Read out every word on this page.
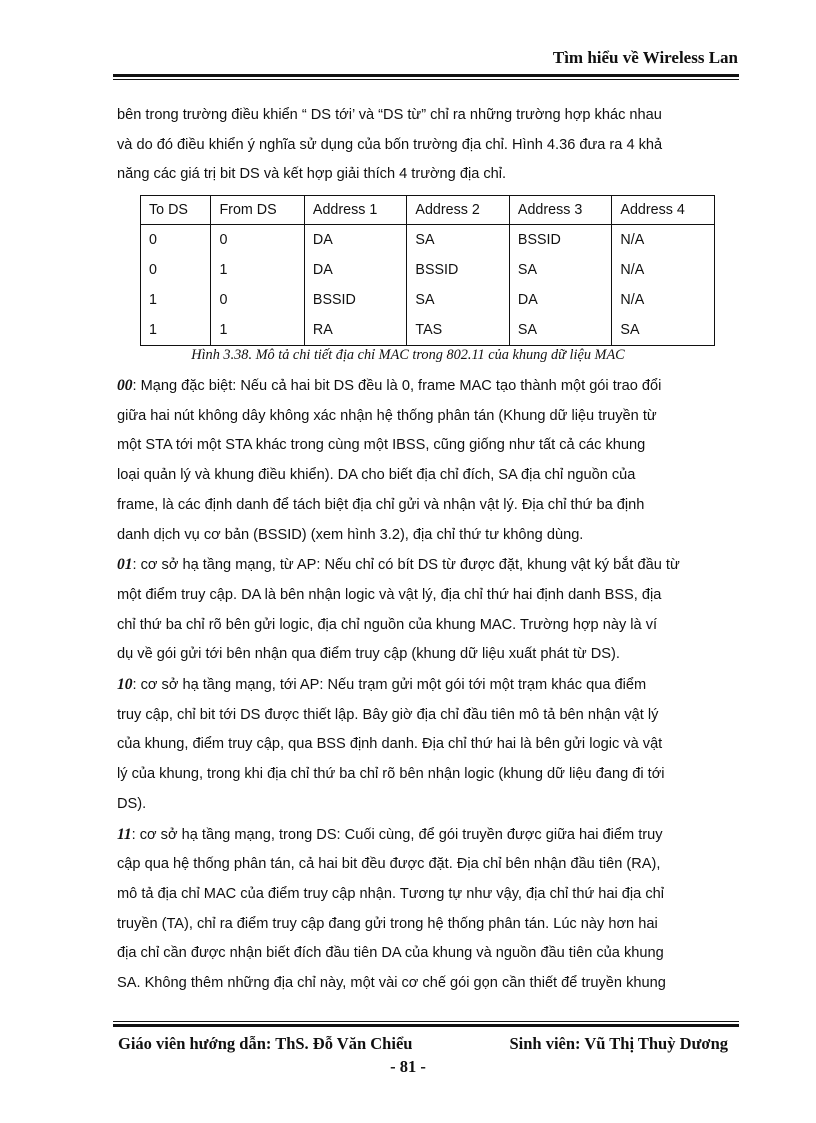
Tìm hiểu về Wireless Lan

bên trong trường điều khiển “ DS tới’ và “DS từ” chỉ ra những trường hợp khác nhau

và do đó điều khiển ý nghĩa sử dụng của bốn trường địa chỉ. Hình 4.36 đưa ra 4 khả

năng các giá trị bit DS và kết hợp giải thích 4 trường địa chỉ.

To DS	From DS	Address 1	Address 2	Address 3	Address 4
0	0	DA	SA	BSSID	N/A
0	1	DA	BSSID	SA	N/A
1	0	BSSID	SA	DA	N/A
1	1	RA	TAS	SA	SA
Hình 3.38. Mô tả chi tiết địa chỉ MAC trong 802.11 của khung dữ liệu MAC

00: Mạng đặc biệt: Nếu cả hai bit DS đều là 0, frame MAC tạo thành một gói trao đổi

giữa hai nút không dây không xác nhận hệ thống phân tán (Khung dữ liệu truyền từ

một STA tới một STA khác trong cùng một IBSS, cũng giống như tất cả các khung

loại quản lý và khung điều khiển). DA cho biết địa chỉ đích, SA địa chỉ nguồn của

frame, là các định danh để tách biệt địa chỉ gửi và nhận vật lý. Địa chỉ thứ ba định

danh dịch vụ cơ bản (BSSID) (xem hình 3.2), địa chỉ thứ tư không dùng.

01: cơ sở hạ tầng mạng, từ AP: Nếu chỉ có bít DS từ được đặt, khung vật ký bắt đầu từ

một điểm truy cập. DA là bên nhận logic và vật lý, địa chỉ thứ hai định danh BSS, địa

chỉ thứ ba chỉ rõ bên gửi logic, địa chỉ nguồn của khung MAC. Trường hợp này là ví

dụ về gói gửi tới bên nhận qua điểm truy cập (khung dữ liệu xuất phát từ DS).

10: cơ sở hạ tầng mạng, tới AP: Nếu trạm gửi một gói tới một trạm khác qua điểm

truy cập, chỉ bit tới DS được thiết lập. Bây giờ địa chỉ đầu tiên mô tả bên nhận vật lý

của khung, điểm truy cập, qua BSS định danh. Địa chỉ thứ hai là bên gửi logic và vật

lý của khung, trong khi địa chỉ thứ ba chỉ rõ bên nhận logic (khung dữ liệu đang đi tới

DS).

11: cơ sở hạ tầng mạng, trong DS: Cuối cùng, để gói truyền được giữa hai điểm truy

cập qua hệ thống phân tán, cả hai bit đều được đặt. Địa chỉ bên nhận đầu tiên (RA),

mô tả địa chỉ MAC của điểm truy cập nhận. Tương tự như vậy, địa chỉ thứ hai địa chỉ

truyền (TA), chỉ ra điểm truy cập đang gửi trong hệ thống phân tán. Lúc này hơn hai

địa chỉ cần được nhận biết đích đầu tiên DA của khung và nguồn đầu tiên của khung

SA. Không thêm những địa chỉ này, một vài cơ chế gói gọn cần thiết để truyền khung

Giáo viên hướng dẫn: ThS. Đỗ Văn Chiểu	Sinh viên: Vũ Thị Thuỳ Dương
- 81 -
